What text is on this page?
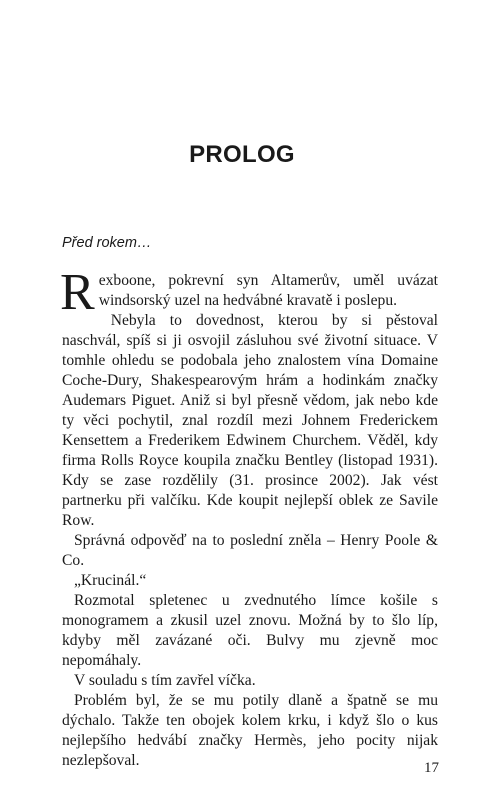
PROLOG
Před rokem…

Rexboone, pokrevní syn Altamerův, uměl uvázat windsorský uzel na hedvábné kravatě i poslepu.

Nebyla to dovednost, kterou by si pěstoval naschvál, spíš si ji osvojil zásluhou své životní situace. V tomhle ohledu se podobala jeho znalostem vína Domaine Coche-Dury, Shakespearovým hrám a hodinkám značky Audemars Piguet. Aniž si byl přesně vědom, jak nebo kde ty věci pochytil, znal rozdíl mezi Johnem Frederickem Kensettem a Frederikem Edwinem Churchem. Věděl, kdy firma Rolls Royce koupila značku Bentley (listopad 1931). Kdy se zase rozdělily (31. prosince 2002). Jak vést partnerku při valčíku. Kde koupit nejlepší oblek ze Savile Row.

Správná odpověď na to poslední zněla – Henry Poole & Co.

„Krucinál.“

Rozmotal spletenec u zvednutého límce košile s monogramem a zkusil uzel znovu. Možná by to šlo líp, kdyby měl zavázané oči. Bulvy mu zjevně moc nepomáhaly.

V souladu s tím zavřel víčka.

Problém byl, že se mu potily dlaně a špatně se mu dýchalo. Takže ten obojek kolem krku, i když šlo o kus nejlepšího hedvábí značky Hermès, jeho pocity nijak nezlepšoval.	17
